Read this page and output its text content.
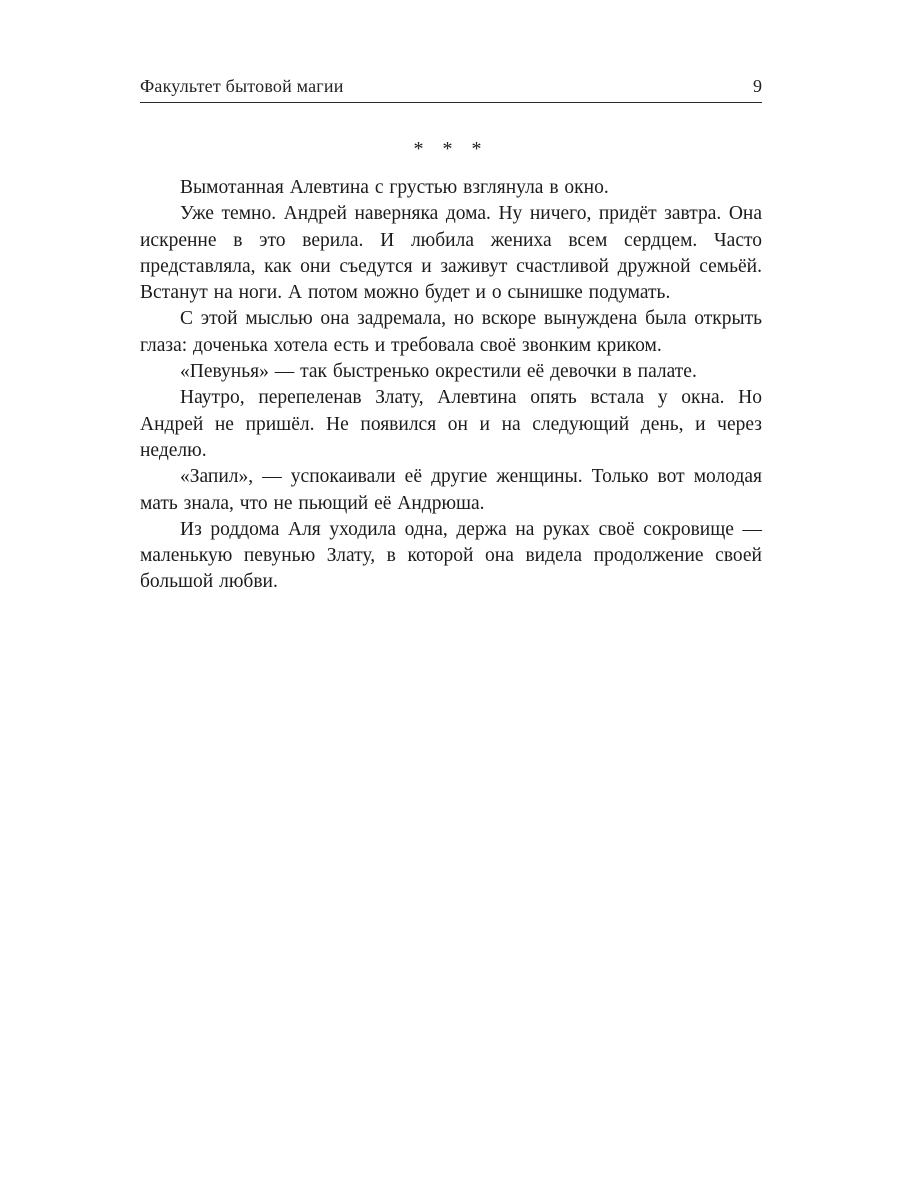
Факультет бытовой магии	9
* * *

Вымотанная Алевтина с грустью взглянула в окно.

Уже темно. Андрей наверняка дома. Ну ничего, придёт завтра. Она искренне в это верила. И любила жениха всем сердцем. Часто представляла, как они съедутся и заживут счастливой дружной семьёй. Встанут на ноги. А потом можно будет и о сынишке подумать.

С этой мыслью она задремала, но вскоре вынуждена была открыть глаза: доченька хотела есть и требовала своё звонким криком.

«Певунья» — так быстренько окрестили её девочки в палате.

Наутро, перепеленав Злату, Алевтина опять встала у окна. Но Андрей не пришёл. Не появился он и на следующий день, и через неделю.

«Запил», — успокаивали её другие женщины. Только вот молодая мать знала, что не пьющий её Андрюша.

Из роддома Аля уходила одна, держа на руках своё сокровище — маленькую певунью Злату, в которой она видела продолжение своей большой любви.
